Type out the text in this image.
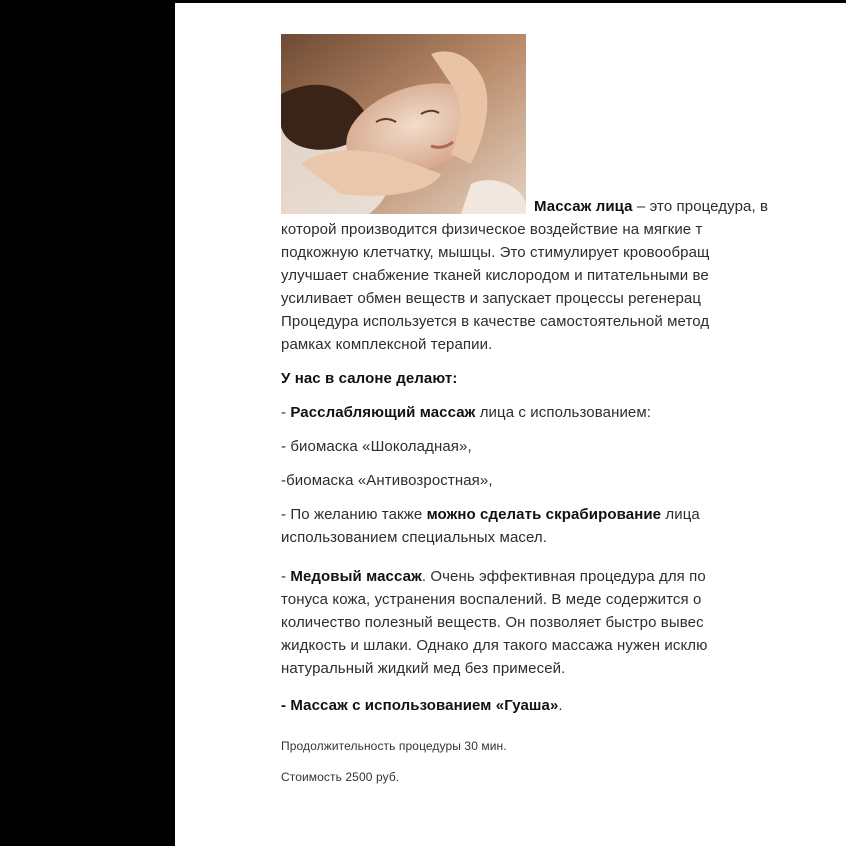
Массаж лица – это процедура, в

которой производится физическое воздействие на мягкие т
подкожную клетчатку, мышцы. Это стимулирует кровообращ
улучшает снабжение тканей кислородом и питательными ве
усиливает обмен веществ и запускает процессы регенерац
Процедура используется в качестве самостоятельной метод
рамках комплексной терапии.

У нас в салоне делают:

- Расслабляющий массаж лица с использованием:

- биомаска «Шоколадная»,

-биомаска «Антивозростная»,

- По желанию также можно сделать скрабирование лица

использованием специальных масел.

- Медовый массаж. Очень эффективная процедура для по

тонуса кожа, устранения воспалений. В меде содержится о
количество полезный веществ. Он позволяет быстро вывес
жидкость и шлаки. Однако для такого массажа нужен исклю
натуральный жидкий мед без примесей.

- Массаж с использованием «Гуаша».

Продолжительность процедуры 30 мин.

Стоимость 2500 руб.
